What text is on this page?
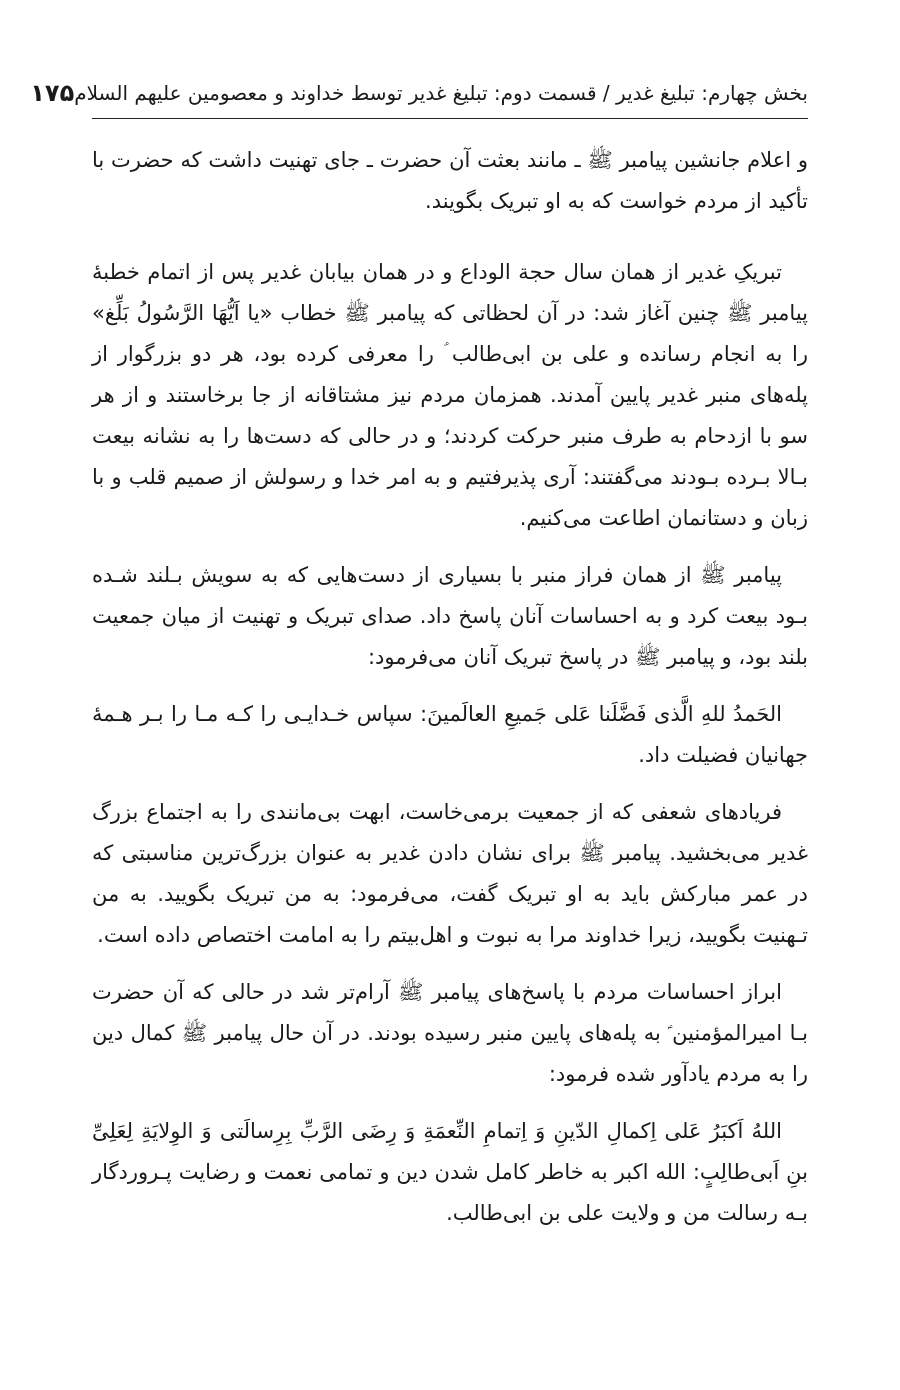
بخش چهارم: تبلیغ غدیر / قسمت دوم: تبلیغ غدیر توسط خداوند و معصومین علیهم السلام
۱۷۵

و اعلام جانشین پیامبر ﷺ ـ مانند بعثت آن حضرت ـ جای تهنیت داشت که حضرت با تأکید از مردم خواست که به او تبریک بگویند.

تبریکِ غدیر از همان سال حجة الوداع و در همان بیابان غدیر پس از اتمام خطبهٔ پیامبر ﷺ چنین آغاز شد: در آن لحظاتی که پیامبر ﷺ خطاب «یا اَیُّهَا الرَّسُولُ بَلِّغ» را به انجام رسانده و علی بن ابی‌طالب ؑ را معرفی کرده بود، هر دو بزرگوار از پله‌های منبر غدیر پایین آمدند. همزمان مردم نیز مشتاقانه از جا برخاستند و از هر سو با ازدحام به طرف منبر حرکت کردند؛ و در حالی که دست‌ها را به نشانه بیعت بـالا بـرده بـودند می‌گفتند: آری پذیرفتیم و به امر خدا و رسولش از صمیم قلب و با زبان و دستانمان اطاعت می‌کنیم.

پیامبر ﷺ از همان فراز منبر با بسیاری از دست‌هایی که به سویش بـلند شـده بـود بیعت کرد و به احساسات آنان پاسخ داد. صدای تبریک و تهنیت از میان جمعیت بلند بود، و پیامبر ﷺ در پاسخ تبریک آنان می‌فرمود:

الحَمدُ للهِ الَّذی فَضَّلَنا عَلی جَمیعِ العالَمینَ: سپاس خـدایـی را کـه مـا را بـر هـمهٔ جهانیان فضیلت داد.

فریادهای شعفی که از جمعیت برمی‌خاست، ابهت بی‌مانندی را به اجتماع بزرگ غدیر می‌بخشید. پیامبر ﷺ برای نشان دادن غدیر به عنوان بزرگ‌ترین مناسبتی که در عمر مبارکش باید به او تبریک گفت، می‌فرمود: به من تبریک بگویید. به من تـهنیت بگویید، زیرا خداوند مرا به نبوت و اهل‌بیتم را به امامت اختصاص داده است.

ابراز احساسات مردم با پاسخ‌های پیامبر ﷺ آرام‌تر شد در حالی که آن حضرت بـا امیرالمؤمنین ؑ به پله‌های پایین منبر رسیده بودند. در آن حال پیامبر ﷺ کمال دین را به مردم یادآور شده فرمود:

اللهُ اَکبَرُ عَلی اِکمالِ الدّینِ وَ اِتمامِ النِّعمَةِ وَ رِضَی الرَّبِّ بِرِسالَتی وَ الوِلایَةِ لِعَلِیِّ بنِ اَبی‌طالِبٍ: الله اکبر به خاطر کامل شدن دین و تمامی نعمت و رضایت پـروردگار بـه رسالت من و ولایت علی بن ابی‌طالب.
